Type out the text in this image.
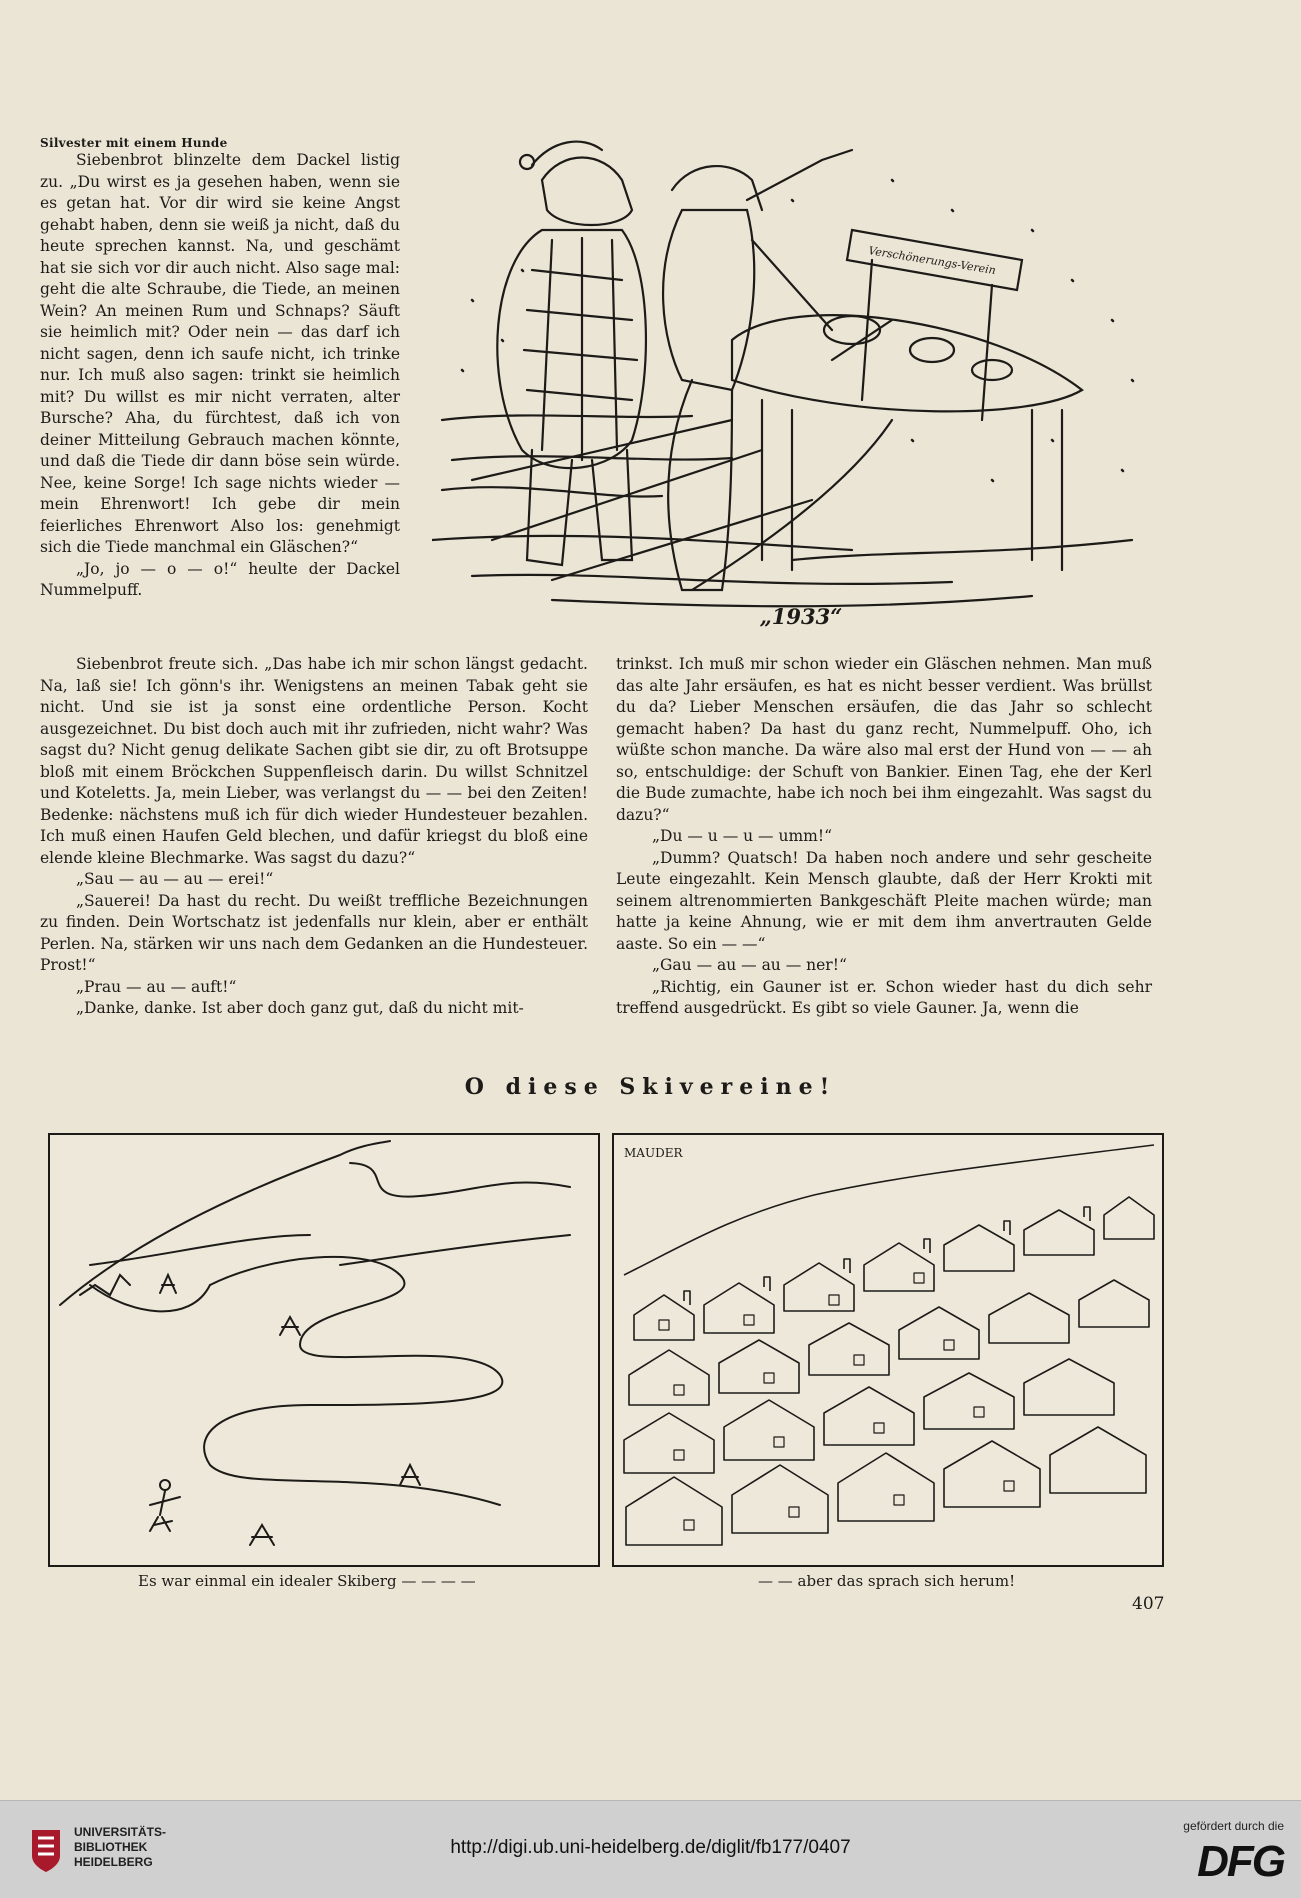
Silvester mit einem Hunde

Siebenbrot blinzelte dem Dackel listig zu. „Du wirst es ja gesehen haben, wenn sie es getan hat. Vor dir wird sie keine Angst gehabt haben, denn sie weiß ja nicht, daß du heute sprechen kannst. Na, und geschämt hat sie sich vor dir auch nicht. Also sage mal: geht die alte Schraube, die Tiede, an meinen Wein? An meinen Rum und Schnaps? Säuft sie heimlich mit? Oder nein — das darf ich nicht sagen, denn ich saufe nicht, ich trinke nur. Ich muß also sagen: trinkt sie heimlich mit? Du willst es mir nicht verraten, alter Bursche? Aha, du fürchtest, daß ich von deiner Mitteilung Gebrauch machen könnte, und daß die Tiede dir dann böse sein würde. Nee, keine Sorge! Ich sage nichts wieder — mein Ehrenwort! Ich gebe dir mein feierliches Ehrenwort Also los: genehmigt sich die Tiede manchmal ein Gläschen?“

„Jo, jo — o — o!“ heulte der Dackel Nummelpuff.

Verschönerungs-Verein
„1933“

Siebenbrot freute sich. „Das habe ich mir schon längst gedacht. Na, laß sie! Ich gönn's ihr. Wenigstens an meinen Tabak geht sie nicht. Und sie ist ja sonst eine ordentliche Person. Kocht ausgezeichnet. Du bist doch auch mit ihr zufrieden, nicht wahr? Was sagst du? Nicht genug delikate Sachen gibt sie dir, zu oft Brotsuppe bloß mit einem Bröckchen Suppenfleisch darin. Du willst Schnitzel und Koteletts. Ja, mein Lieber, was verlangst du — — bei den Zeiten! Bedenke: nächstens muß ich für dich wieder Hundesteuer bezahlen. Ich muß einen Haufen Geld blechen, und dafür kriegst du bloß eine elende kleine Blechmarke. Was sagst du dazu?“

„Sau — au — au — erei!“

„Sauerei! Da hast du recht. Du weißt treffliche Bezeichnungen zu finden. Dein Wortschatz ist jedenfalls nur klein, aber er enthält Perlen. Na, stärken wir uns nach dem Gedanken an die Hundesteuer. Prost!“

„Prau — au — auft!“

„Danke, danke. Ist aber doch ganz gut, daß du nicht mit-

trinkst. Ich muß mir schon wieder ein Gläschen nehmen. Man muß das alte Jahr ersäufen, es hat es nicht besser verdient. Was brüllst du da? Lieber Menschen ersäufen, die das Jahr so schlecht gemacht haben? Da hast du ganz recht, Nummelpuff. Oho, ich wüßte schon manche. Da wäre also mal erst der Hund von — — ah so, entschuldige: der Schuft von Bankier. Einen Tag, ehe der Kerl die Bude zumachte, habe ich noch bei ihm eingezahlt. Was sagst du dazu?“

„Du — u — u — umm!“

„Dumm? Quatsch! Da haben noch andere und sehr gescheite Leute eingezahlt. Kein Mensch glaubte, daß der Herr Krokti mit seinem altrenommierten Bankgeschäft Pleite machen würde; man hatte ja keine Ahnung, wie er mit dem ihm anvertrauten Gelde aaste. So ein — —“

„Gau — au — au — ner!“

„Richtig, ein Gauner ist er. Schon wieder hast du dich sehr treffend ausgedrückt. Es gibt so viele Gauner. Ja, wenn die

O diese Skivereine!
MAUDER
Es war einmal ein idealer Skiberg — — — —	— — aber das sprach sich herum!
407
UNIVERSITÄTS-
BIBLIOTHEK
HEIDELBERG
http://digi.ub.uni-heidelberg.de/diglit/fb177/0407
gefördert durch die
DFG
